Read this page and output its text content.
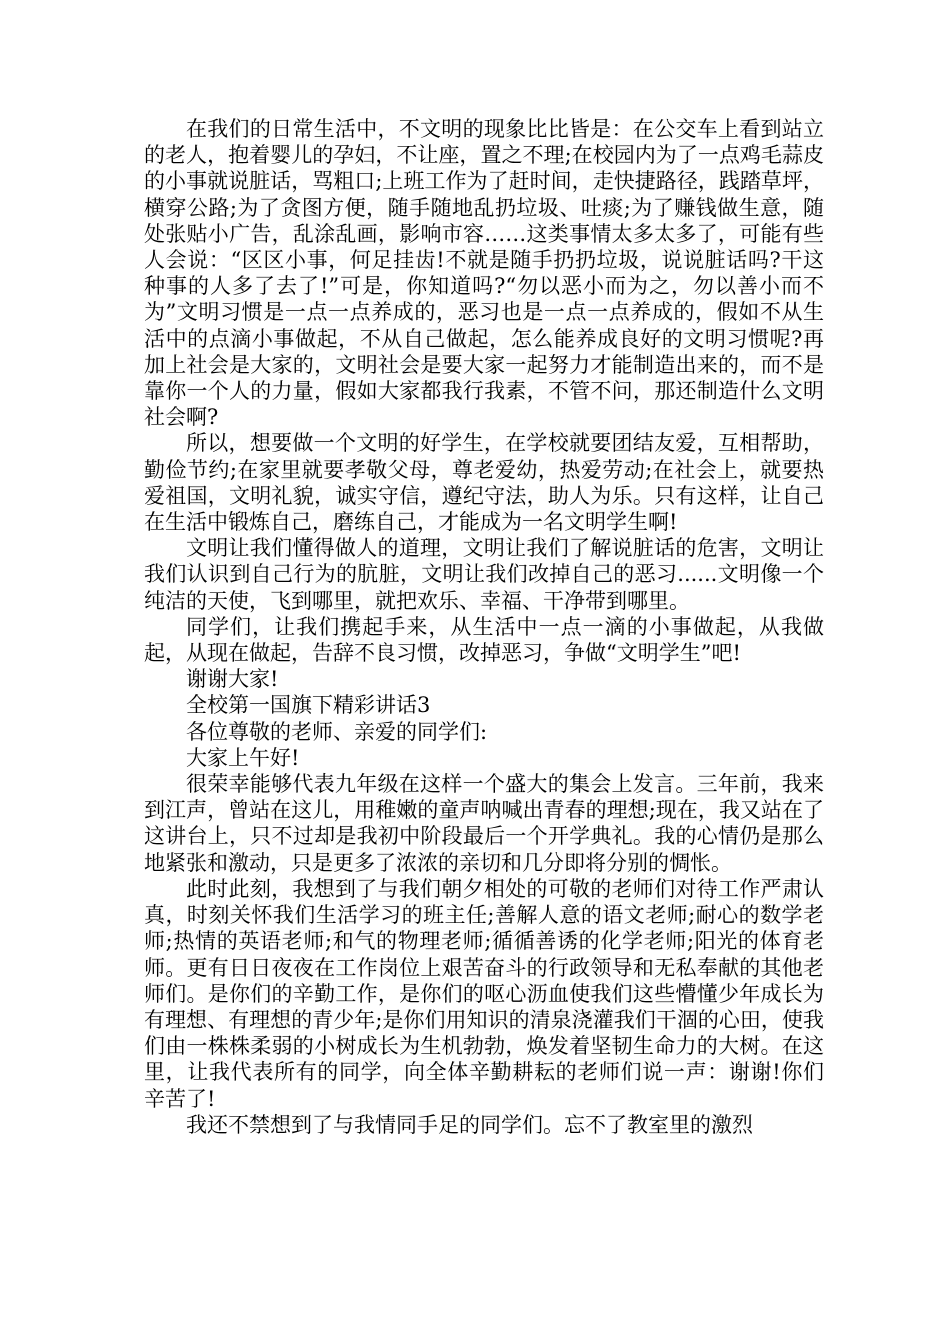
在我们的日常生活中，不文明的现象比比皆是：在公交车上看到站立的老人，抱着婴儿的孕妇，不让座，置之不理;在校园内为了一点鸡毛蒜皮的小事就说脏话，骂粗口;上班工作为了赶时间，走快捷路径，践踏草坪，横穿公路;为了贪图方便，随手随地乱扔垃圾、吐痰;为了赚钱做生意，随处张贴小广告，乱涂乱画，影响市容……这类事情太多太多了，可能有些人会说：“区区小事，何足挂齿!不就是随手扔扔垃圾，说说脏话吗?干这种事的人多了去了!”可是，你知道吗?“勿以恶小而为之，勿以善小而不为”文明习惯是一点一点养成的，恶习也是一点一点养成的，假如不从生活中的点滴小事做起，不从自己做起，怎么能养成良好的文明习惯呢?再加上社会是大家的，文明社会是要大家一起努力才能制造出来的，而不是靠你一个人的力量，假如大家都我行我素，不管不问，那还制造什么文明社会啊?

所以，想要做一个文明的好学生，在学校就要团结友爱，互相帮助，勤俭节约;在家里就要孝敬父母，尊老爱幼，热爱劳动;在社会上，就要热爱祖国，文明礼貌，诚实守信，遵纪守法，助人为乐。只有这样，让自己在生活中锻炼自己，磨练自己，才能成为一名文明学生啊!

文明让我们懂得做人的道理，文明让我们了解说脏话的危害，文明让我们认识到自己行为的肮脏，文明让我们改掉自己的恶习......文明像一个纯洁的天使，飞到哪里，就把欢乐、幸福、干净带到哪里。

同学们，让我们携起手来，从生活中一点一滴的小事做起，从我做起，从现在做起，告辞不良习惯，改掉恶习，争做“文明学生”吧!

谢谢大家!

全校第一国旗下精彩讲话3

各位尊敬的老师、亲爱的同学们:

大家上午好!

很荣幸能够代表九年级在这样一个盛大的集会上发言。三年前，我来到江声，曾站在这儿，用稚嫩的童声呐喊出青春的理想;现在，我又站在了这讲台上，只不过却是我初中阶段最后一个开学典礼。我的心情仍是那么地紧张和激动，只是更多了浓浓的亲切和几分即将分别的惆怅。

此时此刻，我想到了与我们朝夕相处的可敬的老师们对待工作严肃认真，时刻关怀我们生活学习的班主任;善解人意的语文老师;耐心的数学老师;热情的英语老师;和气的物理老师;循循善诱的化学老师;阳光的体育老师。更有日日夜夜在工作岗位上艰苦奋斗的行政领导和无私奉献的其他老师们。是你们的辛勤工作，是你们的呕心沥血使我们这些懵懂少年成长为有理想、有理想的青少年;是你们用知识的清泉浇灌我们干涸的心田，使我们由一株株柔弱的小树成长为生机勃勃，焕发着坚韧生命力的大树。在这里，让我代表所有的同学，向全体辛勤耕耘的老师们说一声：谢谢!你们辛苦了!

我还不禁想到了与我情同手足的同学们。忘不了教室里的激烈
